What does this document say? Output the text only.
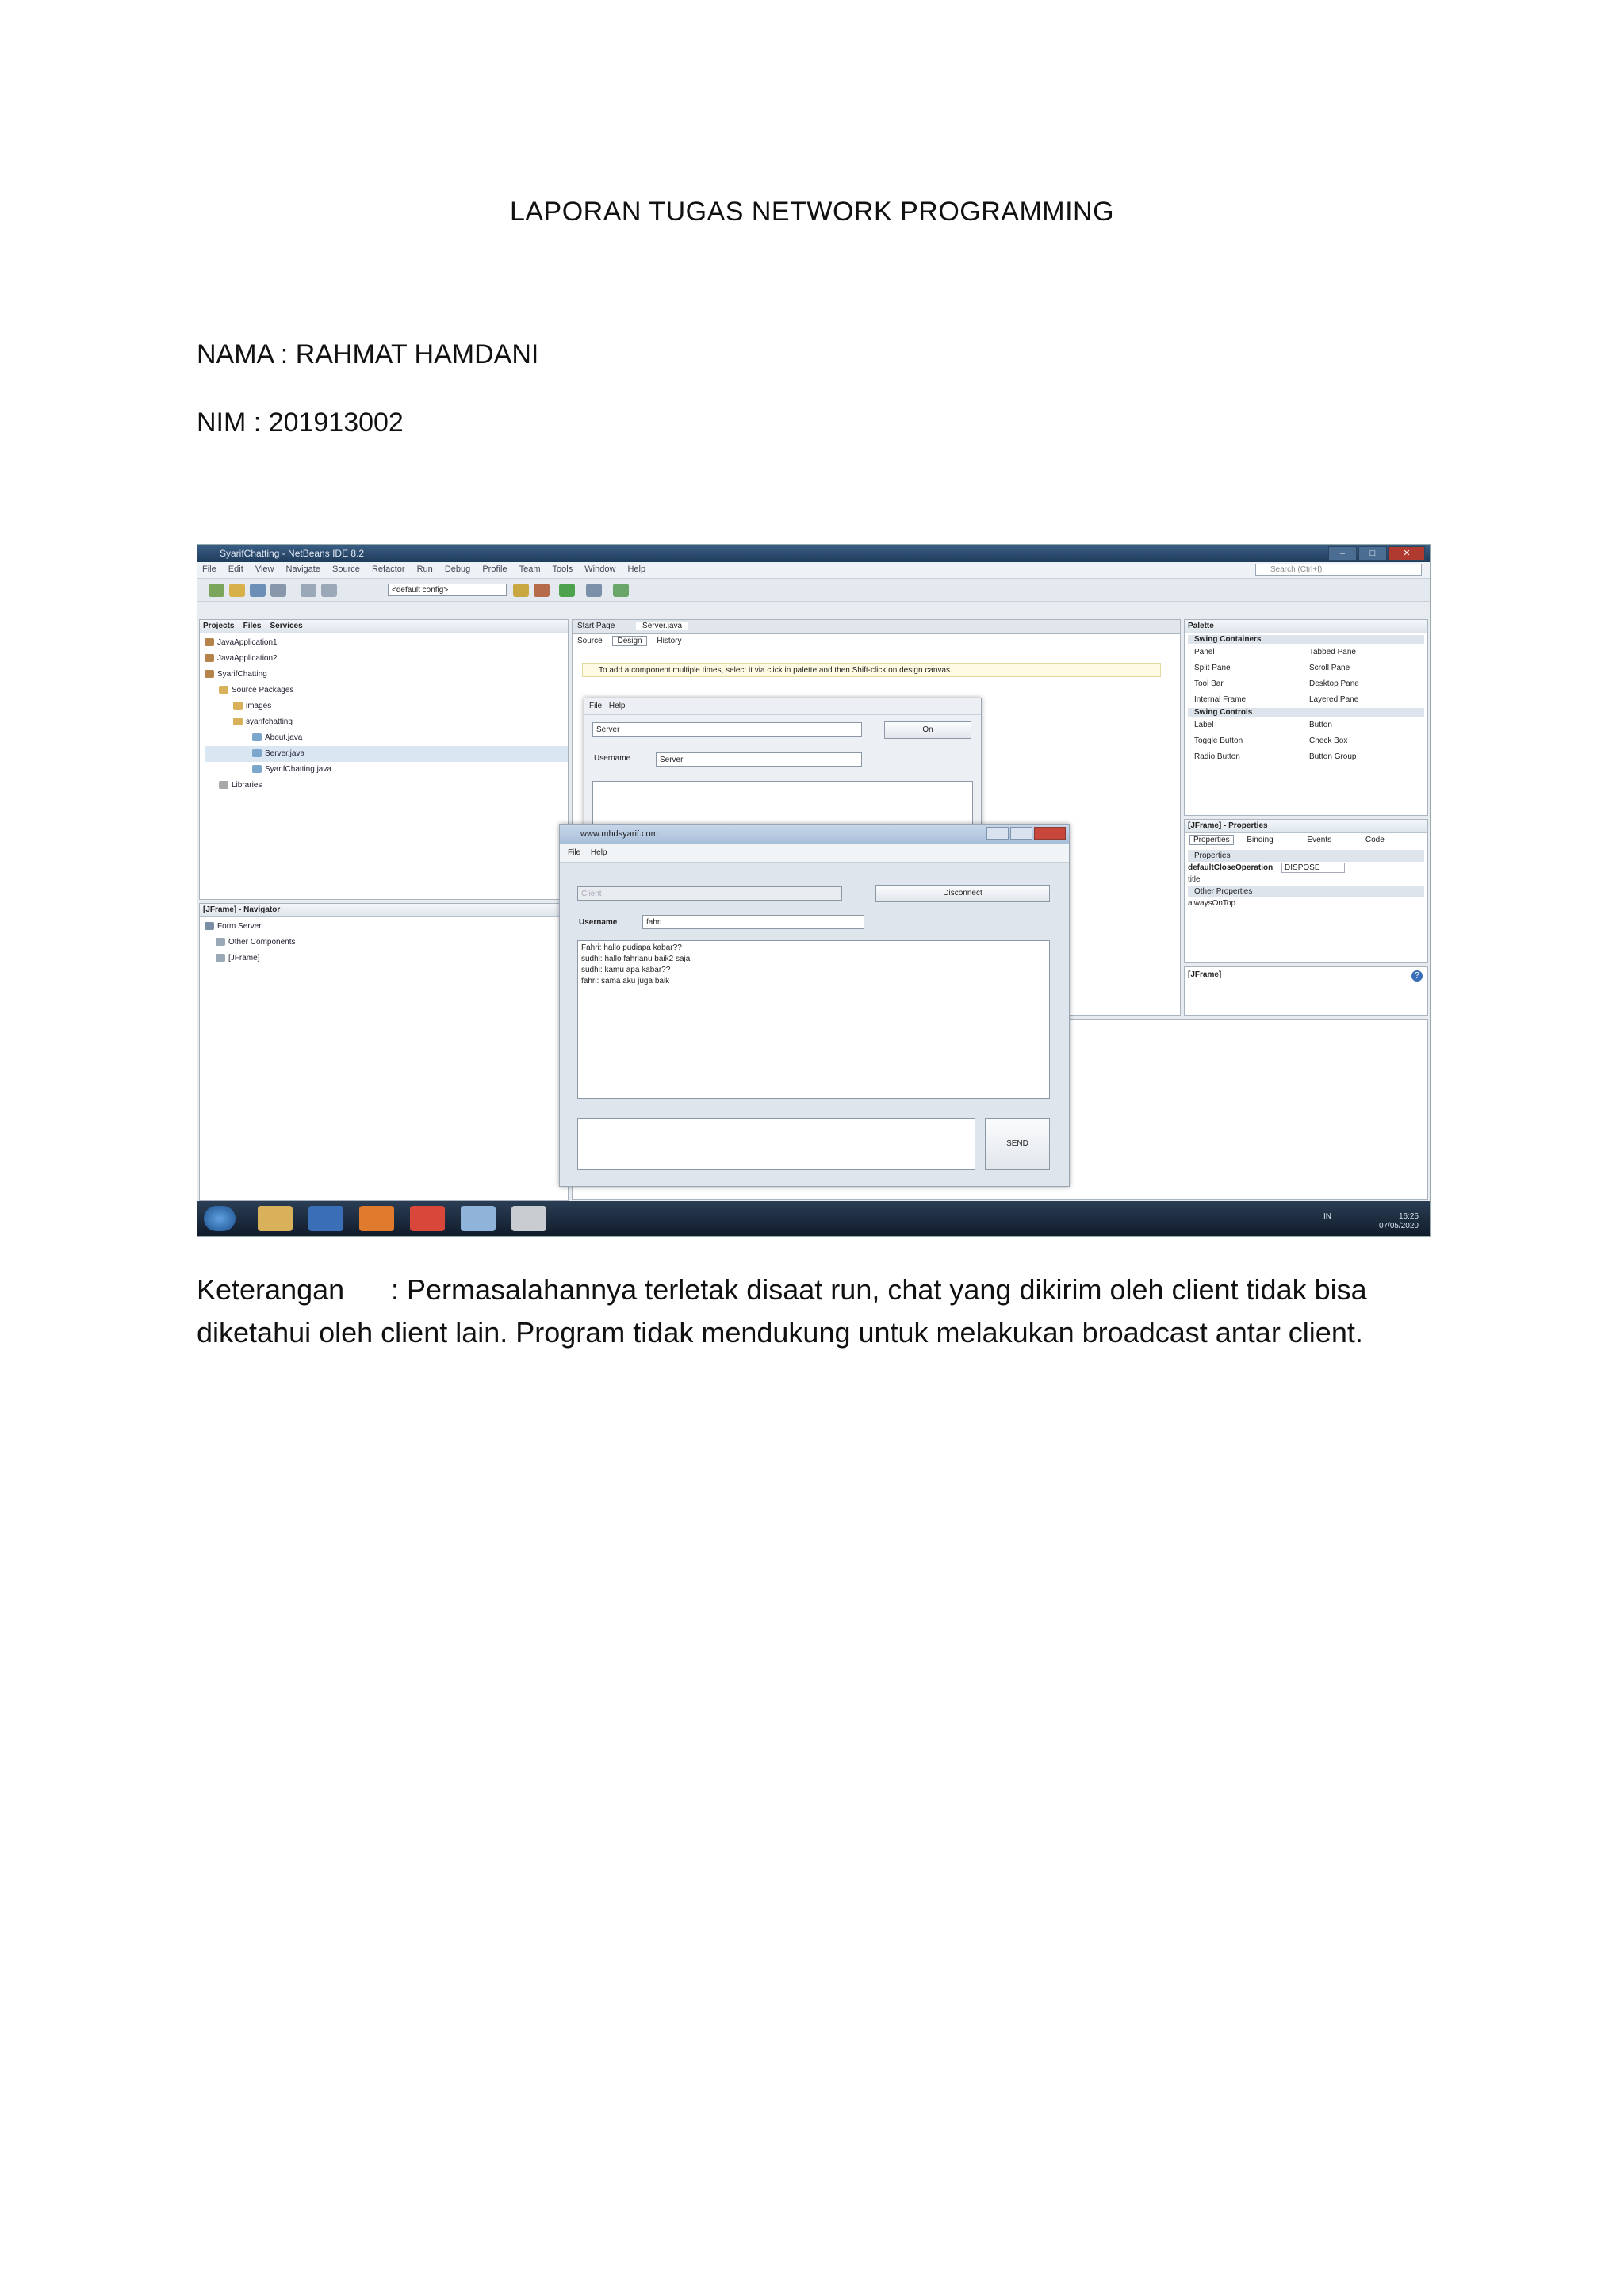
LAPORAN TUGAS NETWORK PROGRAMMING
NAMA : RAHMAT HAMDANI
NIM : 201913002
SyarifChatting - NetBeans IDE 8.2	–	□	✕
File Edit View Navigate Source Refactor Run Debug Profile Team Tools Window Help	Search (Ctrl+I)
<default config>
Projects Files Services
JavaApplication1
JavaApplication2
SyarifChatting
Source Packages
images
syarifchatting
About.java
Server.java
SyarifChatting.java
Libraries
[JFrame] - Navigator
Form Server
Other Components
[JFrame]
Start Page	Server.java
Source Design History
To add a component multiple times, select it via click in palette and then Shift-click on design canvas.
File Help
Server	On
Username	Server
Palette
Swing Containers
Panel	Tabbed Pane
Split Pane	Scroll Pane
Tool Bar	Desktop Pane
Internal Frame	Layered Pane
Swing Controls
Label	Button
Toggle Button	Check Box
Radio Button	Button Group
[JFrame] - Properties
Properties Binding	Events	Code
Properties
defaultCloseOperation DISPOSE
title
Other Properties
alwaysOnTop
[JFrame]	?
www.mhdsyarif.com
File Help
Client	Disconnect
Username	fahri
Fahri: hallo pudiapa kabar??
sudhi: hallo fahrianu baik2 saja
sudhi: kamu apa kabar??
fahri: sama aku juga baik
SEND
IN	16:25
07/05/2020
Keterangan : Permasalahannya terletak disaat run, chat yang dikirim oleh client tidak bisa diketahui oleh client lain. Program tidak mendukung untuk melakukan broadcast antar client.
